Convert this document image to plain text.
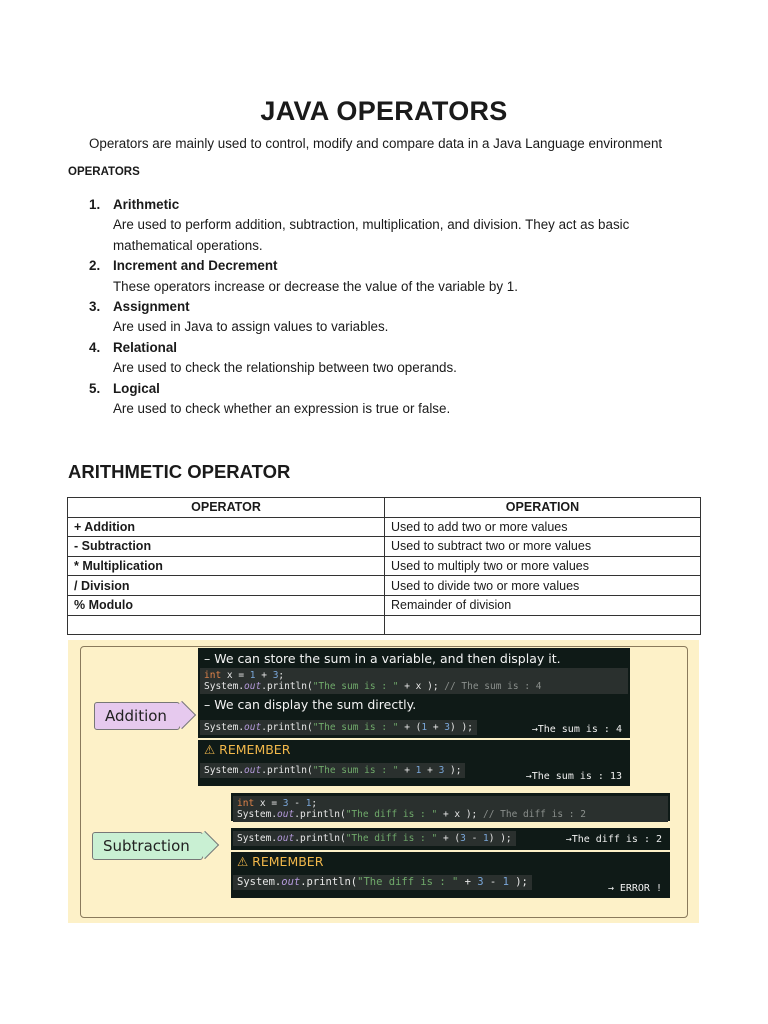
JAVA OPERATORS
Operators are mainly used to control, modify and compare data in a Java Language environment
OPERATORS
1. Arithmetic
Are used to perform addition, subtraction, multiplication, and division. They act as basic mathematical operations.
2. Increment and Decrement
These operators increase or decrease the value of the variable by 1.
3. Assignment
Are used in Java to assign values to variables.
4. Relational
Are used to check the relationship between two operands.
5. Logical
Are used to check whether an expression is true or false.
ARITHMETIC OPERATOR
OPERATOR	OPERATION
+ Addition	Used to add two or more values
- Subtraction	Used to subtract two or more values
* Multiplication	Used to multiply two or more values
/ Division	Used to divide two or more values
% Modulo	Remainder of division

Addition
Subtraction
– We can store the sum in a variable, and then display it.
int x = 1 + 3;
System.out.println("The sum is : " + x ); // The sum is : 4
– We can display the sum directly.
System.out.println("The sum is : " + (1 + 3) );	→The sum is : 4
⚠ REMEMBER
System.out.println("The sum is : " + 1 + 3 );
→The sum is : 13
int x = 3 - 1;
System.out.println("The diff is : " + x ); // The diff is : 2
System.out.println("The diff is : " + (3 - 1) );	→The diff is : 2
⚠ REMEMBER
System.out.println("The diff is : " + 3 - 1 );
→ ERROR !
